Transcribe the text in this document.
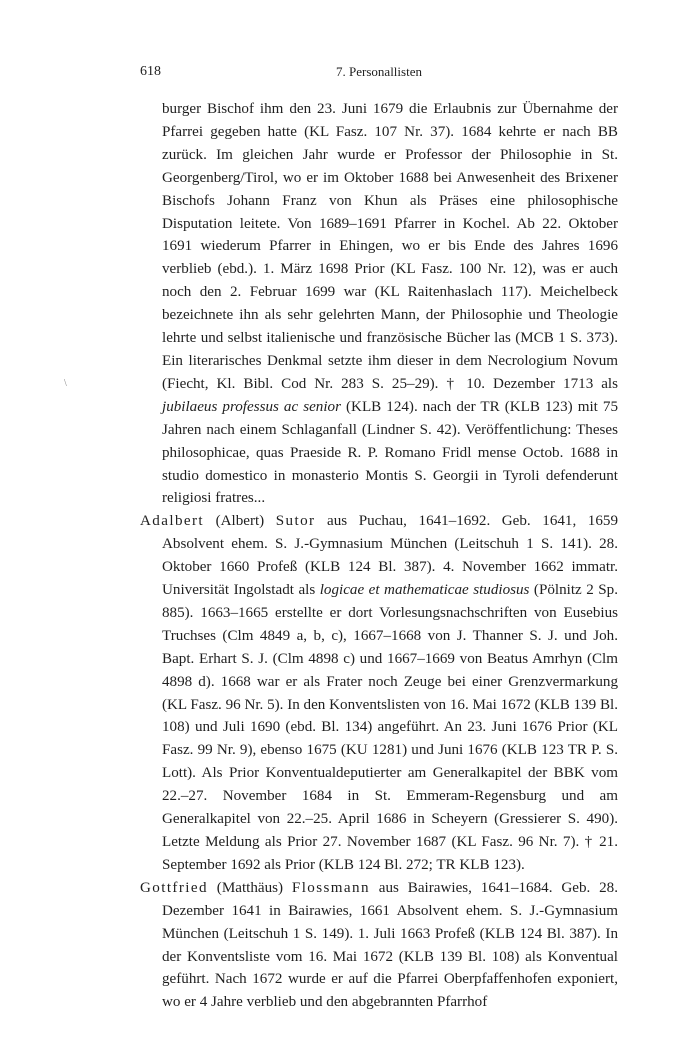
618	7. Personallisten
\

burger Bischof ihm den 23. Juni 1679 die Erlaubnis zur Übernahme der Pfarrei gegeben hatte (KL Fasz. 107 Nr. 37). 1684 kehrte er nach BB zurück. Im gleichen Jahr wurde er Professor der Philosophie in St. Georgenberg/Tirol, wo er im Oktober 1688 bei Anwesenheit des Brixener Bischofs Johann Franz von Khun als Präses eine philosophische Disputation leitete. Von 1689–1691 Pfarrer in Kochel. Ab 22. Oktober 1691 wiederum Pfarrer in Ehingen, wo er bis Ende des Jahres 1696 verblieb (ebd.). 1. März 1698 Prior (KL Fasz. 100 Nr. 12), was er auch noch den 2. Februar 1699 war (KL Raitenhaslach 117). Meichelbeck bezeichnete ihn als sehr gelehrten Mann, der Philosophie und Theologie lehrte und selbst italienische und französische Bücher las (MCB 1 S. 373). Ein literarisches Denkmal setzte ihm dieser in dem Necrologium Novum (Fiecht, Kl. Bibl. Cod Nr. 283 S. 25–29). † 10. Dezember 1713 als jubilaeus professus ac senior (KLB 124). nach der TR (KLB 123) mit 75 Jahren nach einem Schlaganfall (Lindner S. 42). Veröffentlichung: Theses philosophicae, quas Praeside R. P. Romano Fridl mense Octob. 1688 in studio domestico in monasterio Montis S. Georgii in Tyroli defenderunt religiosi fratres...

Adalbert (Albert) Sutor aus Puchau, 1641–1692. Geb. 1641, 1659 Absolvent ehem. S. J.-Gymnasium München (Leitschuh 1 S. 141). 28. Oktober 1660 Profeß (KLB 124 Bl. 387). 4. November 1662 immatr. Universität Ingolstadt als logicae et mathematicae studiosus (Pölnitz 2 Sp. 885). 1663–1665 erstellte er dort Vorlesungsnachschriften von Eusebius Truchses (Clm 4849 a, b, c), 1667–1668 von J. Thanner S. J. und Joh. Bapt. Erhart S. J. (Clm 4898 c) und 1667–1669 von Beatus Amrhyn (Clm 4898 d). 1668 war er als Frater noch Zeuge bei einer Grenzvermarkung (KL Fasz. 96 Nr. 5). In den Konventslisten von 16. Mai 1672 (KLB 139 Bl. 108) und Juli 1690 (ebd. Bl. 134) angeführt. An 23. Juni 1676 Prior (KL Fasz. 99 Nr. 9), ebenso 1675 (KU 1281) und Juni 1676 (KLB 123 TR P. S. Lott). Als Prior Konventualdeputierter am Generalkapitel der BBK vom 22.–27. November 1684 in St. Emmeram-Regensburg und am Generalkapitel von 22.–25. April 1686 in Scheyern (Gressierer S. 490). Letzte Meldung als Prior 27. November 1687 (KL Fasz. 96 Nr. 7). † 21. September 1692 als Prior (KLB 124 Bl. 272; TR KLB 123).

Gottfried (Matthäus) Flossmann aus Bairawies, 1641–1684. Geb. 28. Dezember 1641 in Bairawies, 1661 Absolvent ehem. S. J.-Gymnasium München (Leitschuh 1 S. 149). 1. Juli 1663 Profeß (KLB 124 Bl. 387). In der Konventsliste vom 16. Mai 1672 (KLB 139 Bl. 108) als Konventual geführt. Nach 1672 wurde er auf die Pfarrei Oberpfaffenhofen exponiert, wo er 4 Jahre verblieb und den abgebrannten Pfarrhof
